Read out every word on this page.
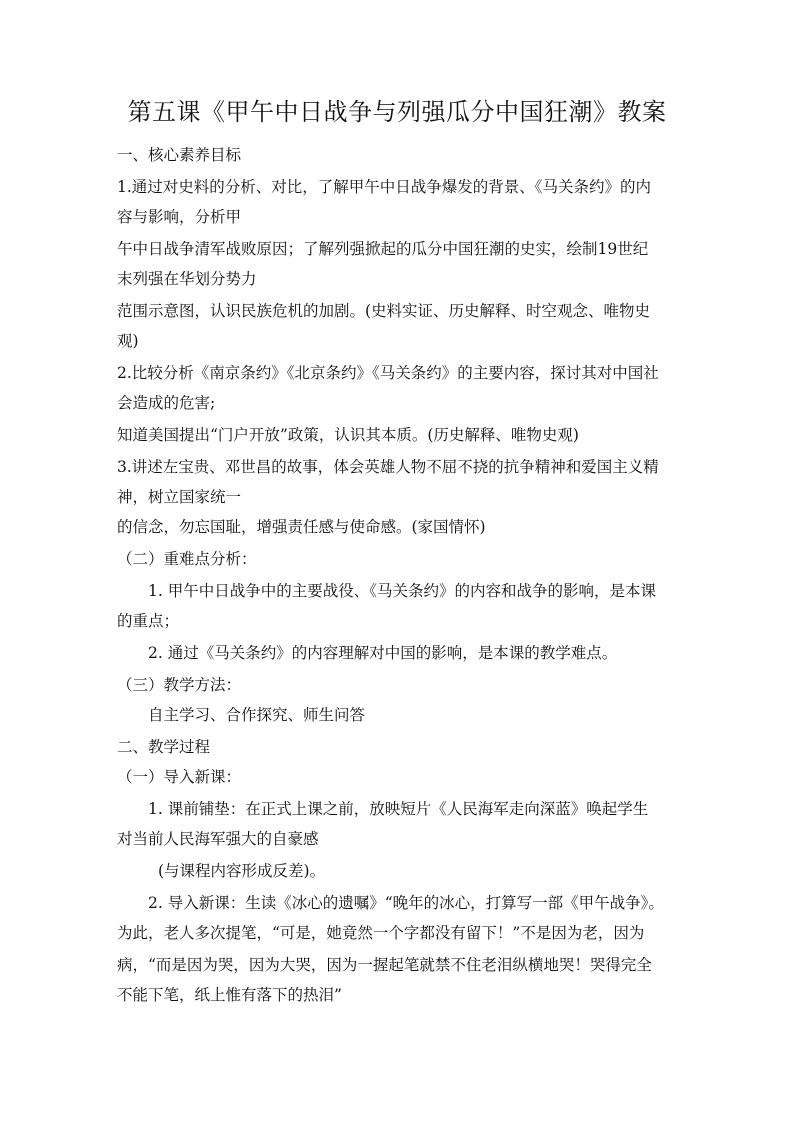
第五课《甲午中日战争与列强瓜分中国狂潮》教案
一、核心素养目标
1.通过对史料的分析、对比，了解甲午中日战争爆发的背景、《马关条约》的内
容与影响，分析甲
午中日战争清军战败原因；了解列强掀起的瓜分中国狂潮的史实，绘制19世纪
末列强在华划分势力
范围示意图，认识民族危机的加剧。(史料实证、历史解释、时空观念、唯物史
观)
2.比较分析《南京条约》《北京条约》《马关条约》的主要内容，探讨其对中国社
会造成的危害;
知道美国提出“门户开放”政策，认识其本质。(历史解释、唯物史观)
3.讲述左宝贵、邓世昌的故事，体会英雄人物不屈不挠的抗争精神和爱国主义精
神，树立国家统一
的信念，勿忘国耻，增强责任感与使命感。(家国情怀)
（二）重难点分析：
1. 甲午中日战争中的主要战役、《马关条约》的内容和战争的影响，是本课
的重点；
2. 通过《马关条约》的内容理解对中国的影响，是本课的教学难点。
（三）教学方法：
自主学习、合作探究、师生问答
二、教学过程
（一）导入新课：
1. 课前铺垫：在正式上课之前，放映短片《人民海军走向深蓝》唤起学生
对当前人民海军强大的自豪感
(与课程内容形成反差)。
2. 导入新课：生读《冰心的遗嘱》“晚年的冰心，打算写一部《甲午战争》。
为此，老人多次提笔，“可是，她竟然一个字都没有留下！”不是因为老，因为
病，“而是因为哭，因为大哭，因为一握起笔就禁不住老泪纵横地哭！哭得完全
不能下笔，纸上惟有落下的热泪”
